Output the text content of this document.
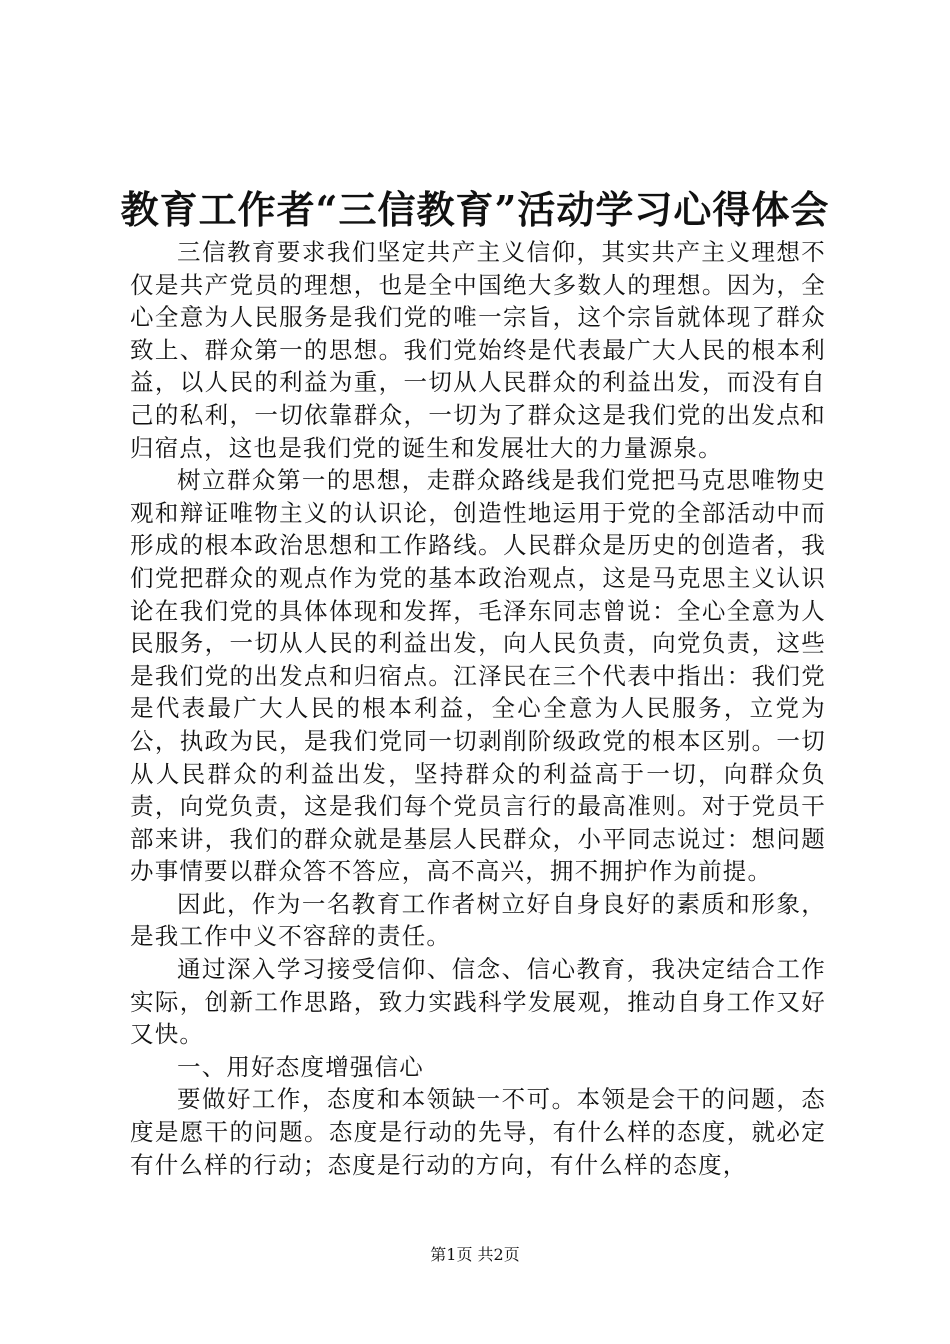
教育工作者“三信教育”活动学习心得体会

三信教育要求我们坚定共产主义信仰，其实共产主义理想不仅是共产党员的理想，也是全中国绝大多数人的理想。因为，全心全意为人民服务是我们党的唯一宗旨，这个宗旨就体现了群众致上、群众第一的思想。我们党始终是代表最广大人民的根本利益，以人民的利益为重，一切从人民群众的利益出发，而没有自己的私利，一切依靠群众，一切为了群众这是我们党的出发点和归宿点，这也是我们党的诞生和发展壮大的力量源泉。

树立群众第一的思想，走群众路线是我们党把马克思唯物史观和辩证唯物主义的认识论，创造性地运用于党的全部活动中而形成的根本政治思想和工作路线。人民群众是历史的创造者，我们党把群众的观点作为党的基本政治观点，这是马克思主义认识论在我们党的具体体现和发挥，毛泽东同志曾说：全心全意为人民服务，一切从人民的利益出发，向人民负责，向党负责，这些是我们党的出发点和归宿点。江泽民在三个代表中指出：我们党是代表最广大人民的根本利益，全心全意为人民服务，立党为公，执政为民，是我们党同一切剥削阶级政党的根本区别。一切从人民群众的利益出发，坚持群众的利益高于一切，向群众负责，向党负责，这是我们每个党员言行的最高准则。对于党员干部来讲，我们的群众就是基层人民群众，小平同志说过：想问题办事情要以群众答不答应，高不高兴，拥不拥护作为前提。

因此，作为一名教育工作者树立好自身良好的素质和形象，是我工作中义不容辞的责任。

通过深入学习接受信仰、信念、信心教育，我决定结合工作实际，创新工作思路，致力实践科学发展观，推动自身工作又好又快。

一、用好态度增强信心

要做好工作，态度和本领缺一不可。本领是会干的问题，态度是愿干的问题。态度是行动的先导，有什么样的态度，就必定有什么样的行动；态度是行动的方向，有什么样的态度，

第1页 共2页
